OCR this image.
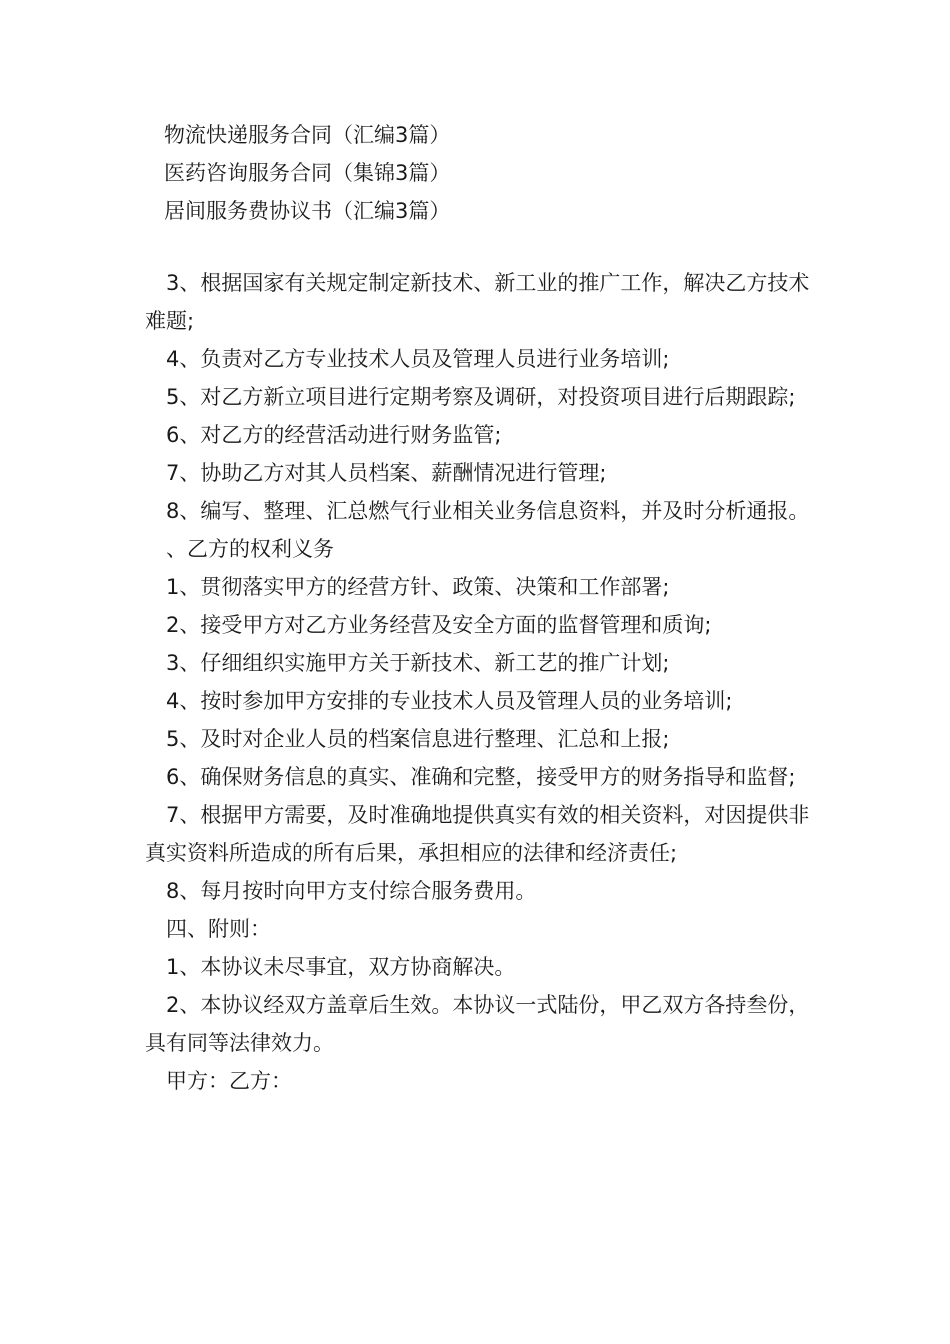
物流快递服务合同（汇编3篇）
医药咨询服务合同（集锦3篇）
居间服务费协议书（汇编3篇）

3、根据国家有关规定制定新技术、新工业的推广工作，解决乙方技术难题;

4、负责对乙方专业技术人员及管理人员进行业务培训;

5、对乙方新立项目进行定期考察及调研，对投资项目进行后期跟踪;

6、对乙方的经营活动进行财务监管;

7、协助乙方对其人员档案、薪酬情况进行管理;

8、编写、整理、汇总燃气行业相关业务信息资料，并及时分析通报。

、乙方的权利义务

1、贯彻落实甲方的经营方针、政策、决策和工作部署;

2、接受甲方对乙方业务经营及安全方面的监督管理和质询;

3、仔细组织实施甲方关于新技术、新工艺的推广计划;

4、按时参加甲方安排的专业技术人员及管理人员的业务培训;

5、及时对企业人员的档案信息进行整理、汇总和上报;

6、确保财务信息的真实、准确和完整，接受甲方的财务指导和监督;

7、根据甲方需要，及时准确地提供真实有效的相关资料，对因提供非真实资料所造成的所有后果，承担相应的法律和经济责任;

8、每月按时向甲方支付综合服务费用。

四、附则：

1、本协议未尽事宜，双方协商解决。

2、本协议经双方盖章后生效。本协议一式陆份，甲乙双方各持叁份，具有同等法律效力。

甲方：乙方：
